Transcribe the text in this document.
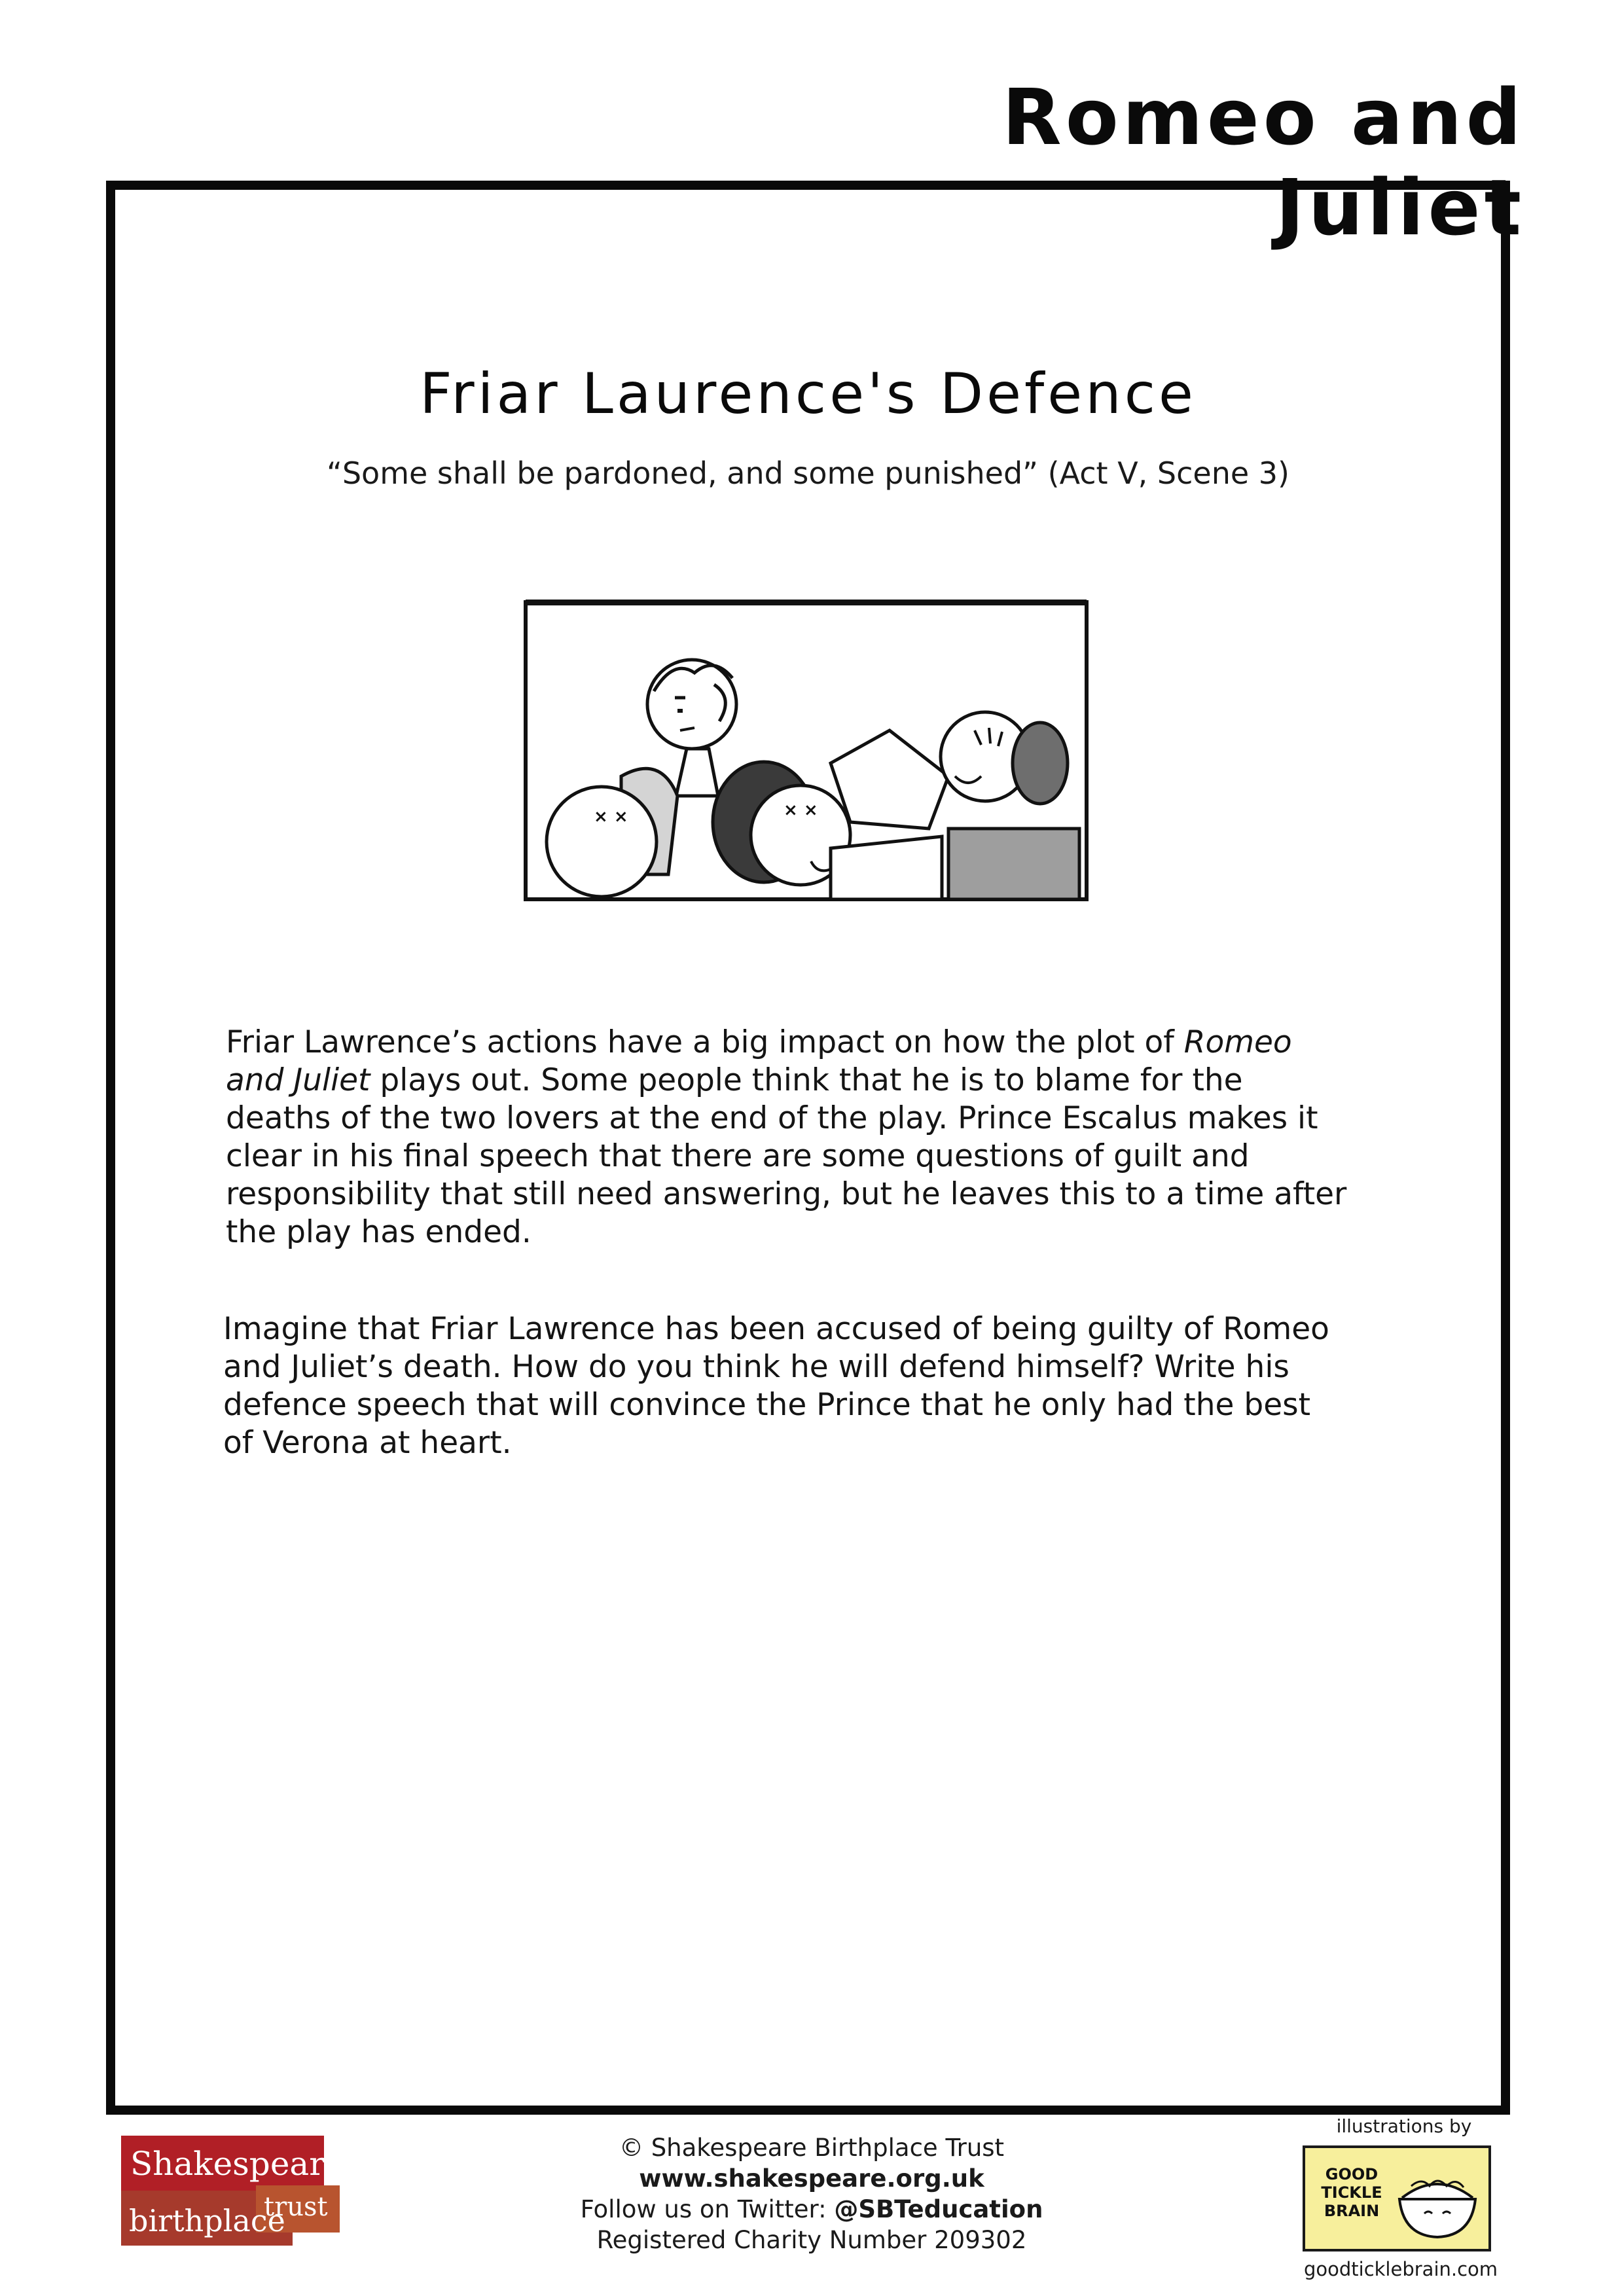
Romeo and Juliet
Friar Laurence's Defence
“Some shall be pardoned, and some punished” (Act V, Scene 3)
× ×	× ×
Friar Lawrence’s actions have a big impact on how the plot of Romeo
and Juliet plays out. Some people think that he is to blame for the
deaths of the two lovers at the end of the play. Prince Escalus makes it
clear in his final speech that there are some questions of guilt and
responsibility that still need answering, but he leaves this to a time after
the play has ended.
Imagine that Friar Lawrence has been accused of being guilty of Romeo
and Juliet’s death. How do you think he will defend himself? Write his
defence speech that will convince the Prince that he only had the best
of Verona at heart.
Shakespeare
birthplace
trust
© Shakespeare Birthplace Trust
www.shakespeare.org.uk
Follow us on Twitter: @SBTeducation
Registered Charity Number 209302
illustrations by
GOOD
TICKLE
BRAIN
goodticklebrain.com
